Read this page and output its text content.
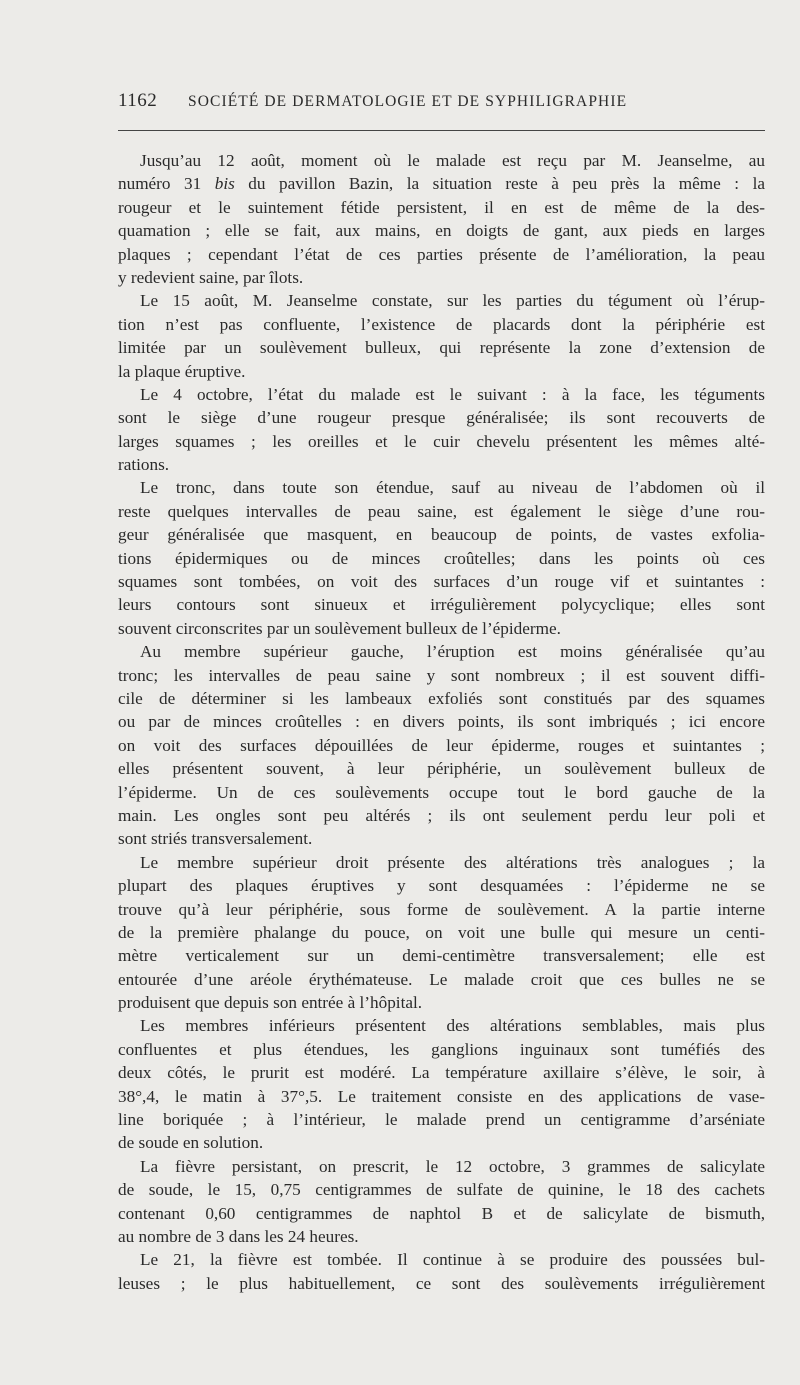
1162 SOCIÉTÉ DE DERMATOLOGIE ET DE SYPHILIGRAPHIE
Jusqu’au 12 août, moment où le malade est reçu par M. Jeanselme, au
numéro 31 bis du pavillon Bazin, la situation reste à peu près la même : la
rougeur et le suintement fétide persistent, il en est de même de la des-
quamation ; elle se fait, aux mains, en doigts de gant, aux pieds en larges
plaques ; cependant l’état de ces parties présente de l’amélioration, la peau
y redevient saine, par îlots.
Le 15 août, M. Jeanselme constate, sur les parties du tégument où l’érup-
tion n’est pas confluente, l’existence de placards dont la périphérie est
limitée par un soulèvement bulleux, qui représente la zone d’extension de
la plaque éruptive.
Le 4 octobre, l’état du malade est le suivant : à la face, les téguments
sont le siège d’une rougeur presque généralisée; ils sont recouverts de
larges squames ; les oreilles et le cuir chevelu présentent les mêmes alté-
rations.
Le tronc, dans toute son étendue, sauf au niveau de l’abdomen où il
reste quelques intervalles de peau saine, est également le siège d’une rou-
geur généralisée que masquent, en beaucoup de points, de vastes exfolia-
tions épidermiques ou de minces croûtelles; dans les points où ces
squames sont tombées, on voit des surfaces d’un rouge vif et suintantes :
leurs contours sont sinueux et irrégulièrement polycyclique; elles sont
souvent circonscrites par un soulèvement bulleux de l’épiderme.
Au membre supérieur gauche, l’éruption est moins généralisée qu’au
tronc; les intervalles de peau saine y sont nombreux ; il est souvent diffi-
cile de déterminer si les lambeaux exfoliés sont constitués par des squames
ou par de minces croûtelles : en divers points, ils sont imbriqués ; ici encore
on voit des surfaces dépouillées de leur épiderme, rouges et suintantes ;
elles présentent souvent, à leur périphérie, un soulèvement bulleux de
l’épiderme. Un de ces soulèvements occupe tout le bord gauche de la
main. Les ongles sont peu altérés ; ils ont seulement perdu leur poli et
sont striés transversalement.
Le membre supérieur droit présente des altérations très analogues ; la
plupart des plaques éruptives y sont desquamées : l’épiderme ne se
trouve qu’à leur périphérie, sous forme de soulèvement. A la partie interne
de la première phalange du pouce, on voit une bulle qui mesure un centi-
mètre verticalement sur un demi-centimètre transversalement; elle est
entourée d’une aréole érythémateuse. Le malade croit que ces bulles ne se
produisent que depuis son entrée à l’hôpital.
Les membres inférieurs présentent des altérations semblables, mais plus
confluentes et plus étendues, les ganglions inguinaux sont tuméfiés des
deux côtés, le prurit est modéré. La température axillaire s’élève, le soir, à
38°,4, le matin à 37°,5. Le traitement consiste en des applications de vase-
line boriquée ; à l’intérieur, le malade prend un centigramme d’arséniate
de soude en solution.
La fièvre persistant, on prescrit, le 12 octobre, 3 grammes de salicylate
de soude, le 15, 0,75 centigrammes de sulfate de quinine, le 18 des cachets
contenant 0,60 centigrammes de naphtol B et de salicylate de bismuth,
au nombre de 3 dans les 24 heures.
Le 21, la fièvre est tombée. Il continue à se produire des poussées bul-
leuses ; le plus habituellement, ce sont des soulèvements irrégulièrement
